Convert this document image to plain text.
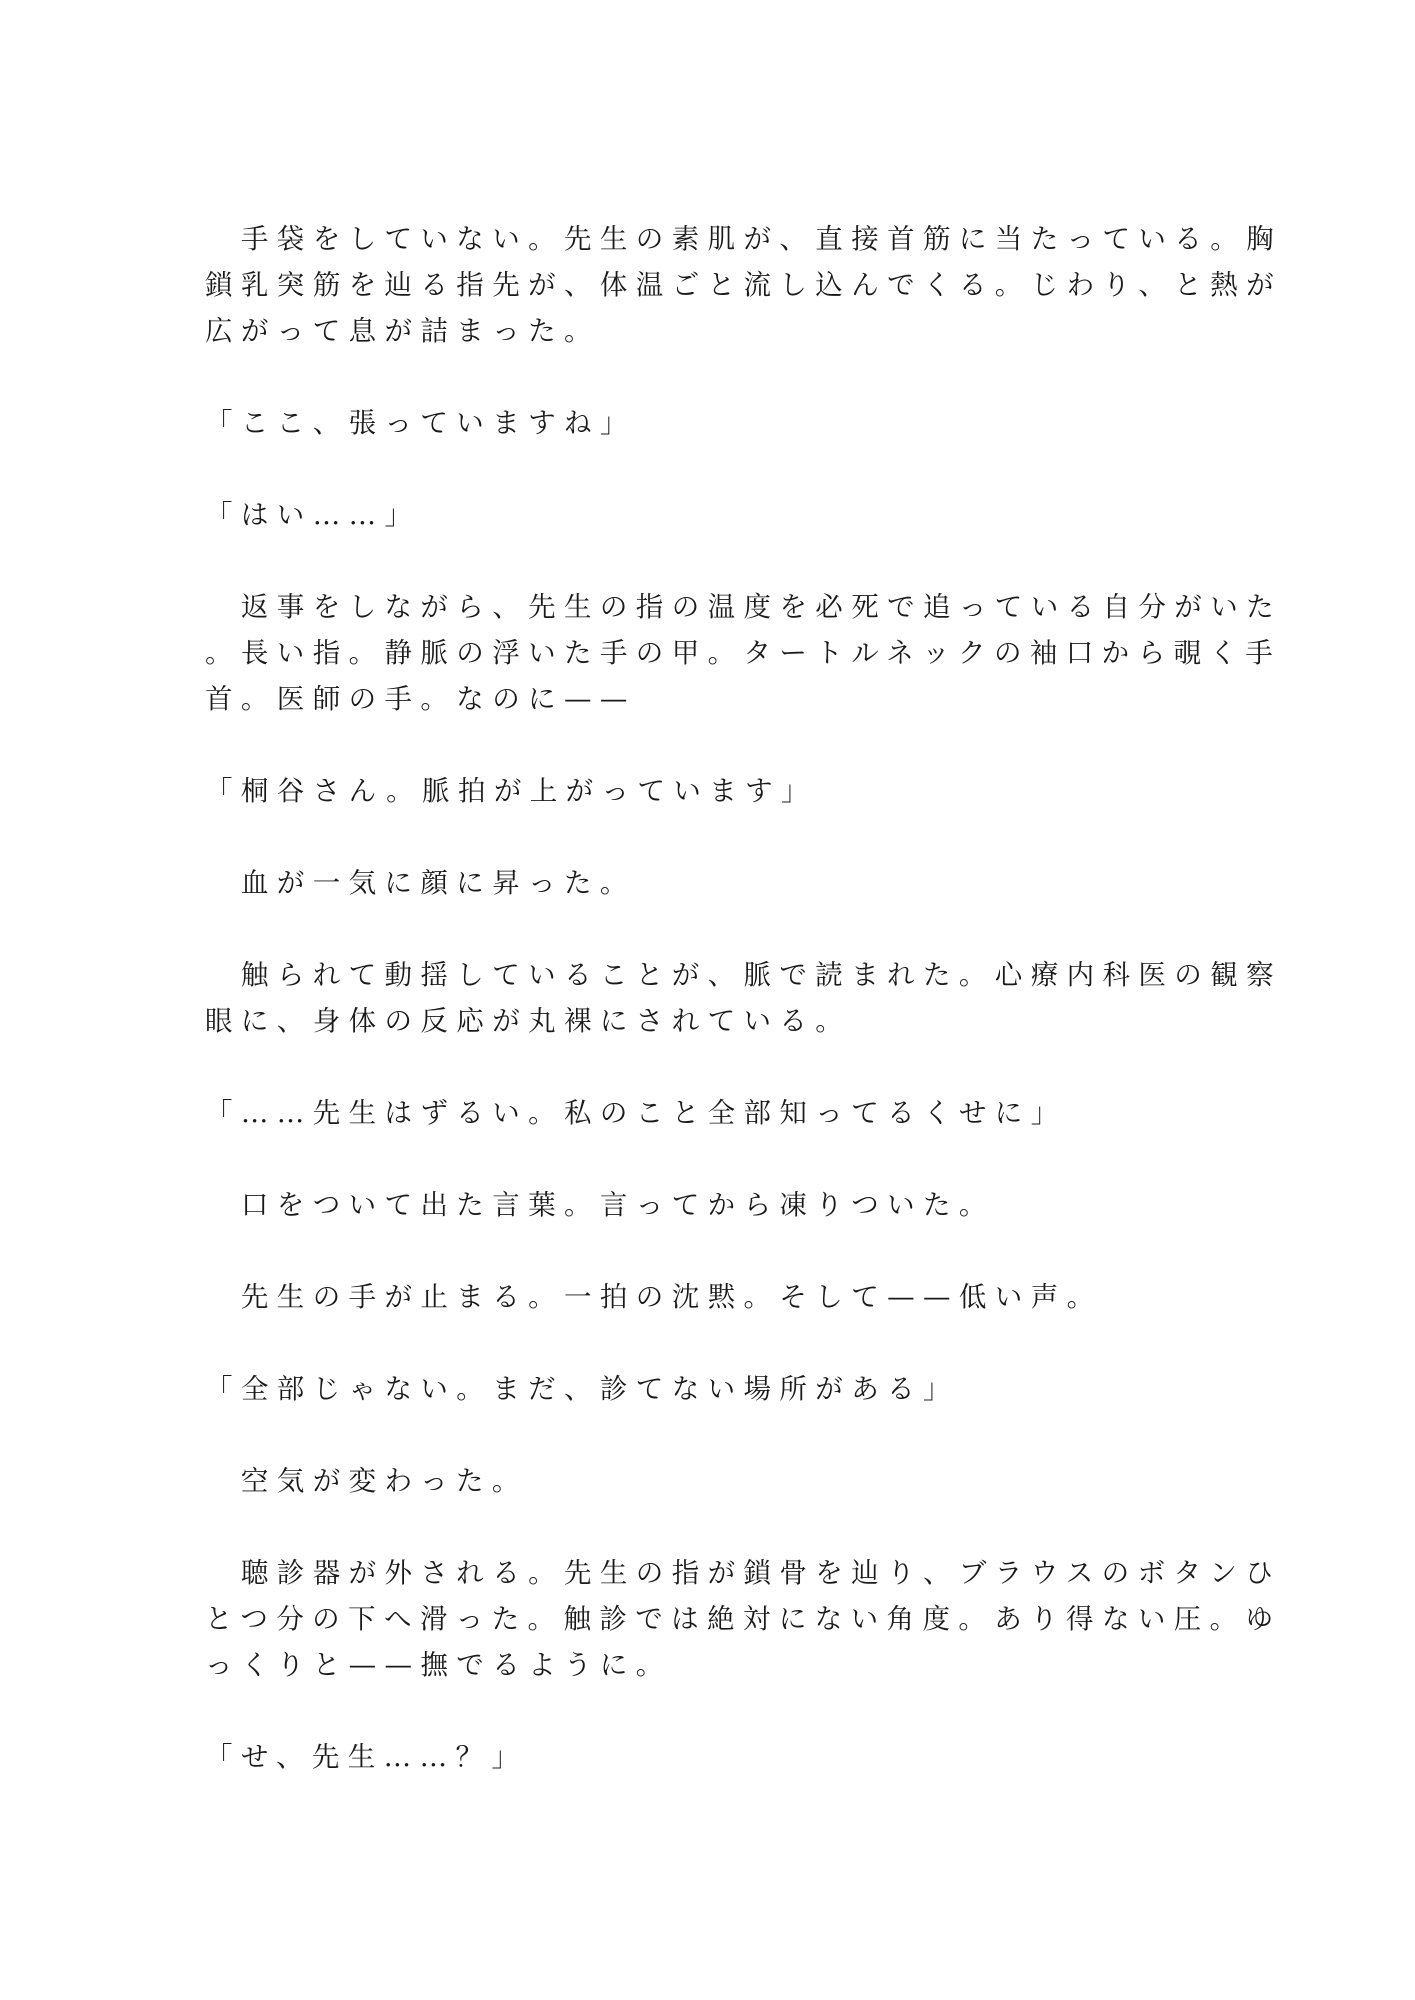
　手袋をしていない。先生の素肌が、直接首筋に当たっている。胸
鎖乳突筋を辿る指先が、体温ごと流し込んでくる。じわり、と熱が
広がって息が詰まった。

「ここ、張っていますね」

「はい……」

　返事をしながら、先生の指の温度を必死で追っている自分がいた
。長い指。静脈の浮いた手の甲。タートルネックの袖口から覗く手
首。医師の手。なのに——

「桐谷さん。脈拍が上がっています」

　血が一気に顔に昇った。

　触られて動揺していることが、脈で読まれた。心療内科医の観察
眼に、身体の反応が丸裸にされている。

「……先生はずるい。私のこと全部知ってるくせに」

　口をついて出た言葉。言ってから凍りついた。

　先生の手が止まる。一拍の沈黙。そして——低い声。

「全部じゃない。まだ、診てない場所がある」

　空気が変わった。

　聴診器が外される。先生の指が鎖骨を辿り、ブラウスのボタンひ
とつ分の下へ滑った。触診では絶対にない角度。あり得ない圧。ゆ
っくりと——撫でるように。

「せ、先生……？」
